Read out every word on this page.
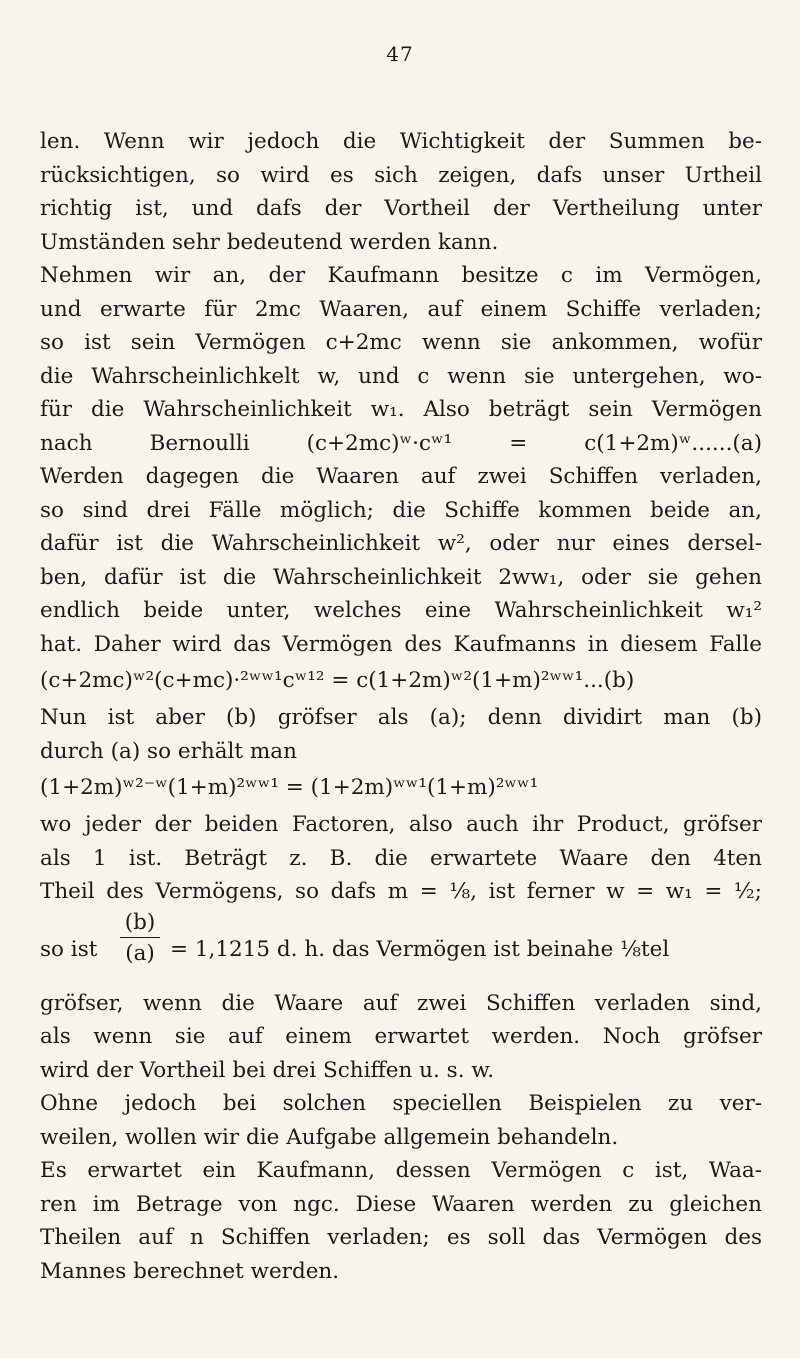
47
len. Wenn wir jedoch die Wichtigkeit der Summen be-
rücksichtigen, so wird es sich zeigen, dafs unser Urtheil
richtig ist, und dafs der Vortheil der Vertheilung unter
Umständen sehr bedeutend werden kann.
Nehmen wir an, der Kaufmann besitze c im Vermögen,
und erwarte für 2mc Waaren, auf einem Schiffe verladen;
so ist sein Vermögen c+2mc wenn sie ankommen, wofür
die Wahrscheinlichkelt w, und c wenn sie untergehen, wo-
für die Wahrscheinlichkeit w₁. Also beträgt sein Vermögen
nach Bernoulli (c+2mc)ʷ·cʷ¹ = c(1+2m)ʷ......(a)
Werden dagegen die Waaren auf zwei Schiffen verladen,
so sind drei Fälle möglich; die Schiffe kommen beide an,
dafür ist die Wahrscheinlichkeit w², oder nur eines dersel-
ben, dafür ist die Wahrscheinlichkeit 2ww₁, oder sie gehen
endlich beide unter, welches eine Wahrscheinlichkeit w₁²
hat. Daher wird das Vermögen des Kaufmanns in diesem Falle
(c+2mc)ʷ²(c+mc)·²ʷʷ¹cʷ¹² = c(1+2m)ʷ²(1+m)²ʷʷ¹...(b)
Nun ist aber (b) gröfser als (a); denn dividirt man (b)
durch (a) so erhält man
(1+2m)ʷ²⁻ʷ(1+m)²ʷʷ¹ = (1+2m)ʷʷ¹(1+m)²ʷʷ¹
wo jeder der beiden Factoren, also auch ihr Product, gröfser
als 1 ist. Beträgt z. B. die erwartete Waare den 4ten
Theil des Vermögens, so dafs m = ⅛, ist ferner w = w₁ = ½;
so ist $\frac{(b)}{(a)} = 1,1215$ d. h. das Vermögen ist beinahe ⅛tel
gröfser, wenn die Waare auf zwei Schiffen verladen sind,
als wenn sie auf einem erwartet werden. Noch gröfser
wird der Vortheil bei drei Schiffen u. s. w.
Ohne jedoch bei solchen speciellen Beispielen zu ver-
weilen, wollen wir die Aufgabe allgemein behandeln.
Es erwartet ein Kaufmann, dessen Vermögen c ist, Waa-
ren im Betrage von ngc. Diese Waaren werden zu gleichen
Theilen auf n Schiffen verladen; es soll das Vermögen des
Mannes berechnet werden.
